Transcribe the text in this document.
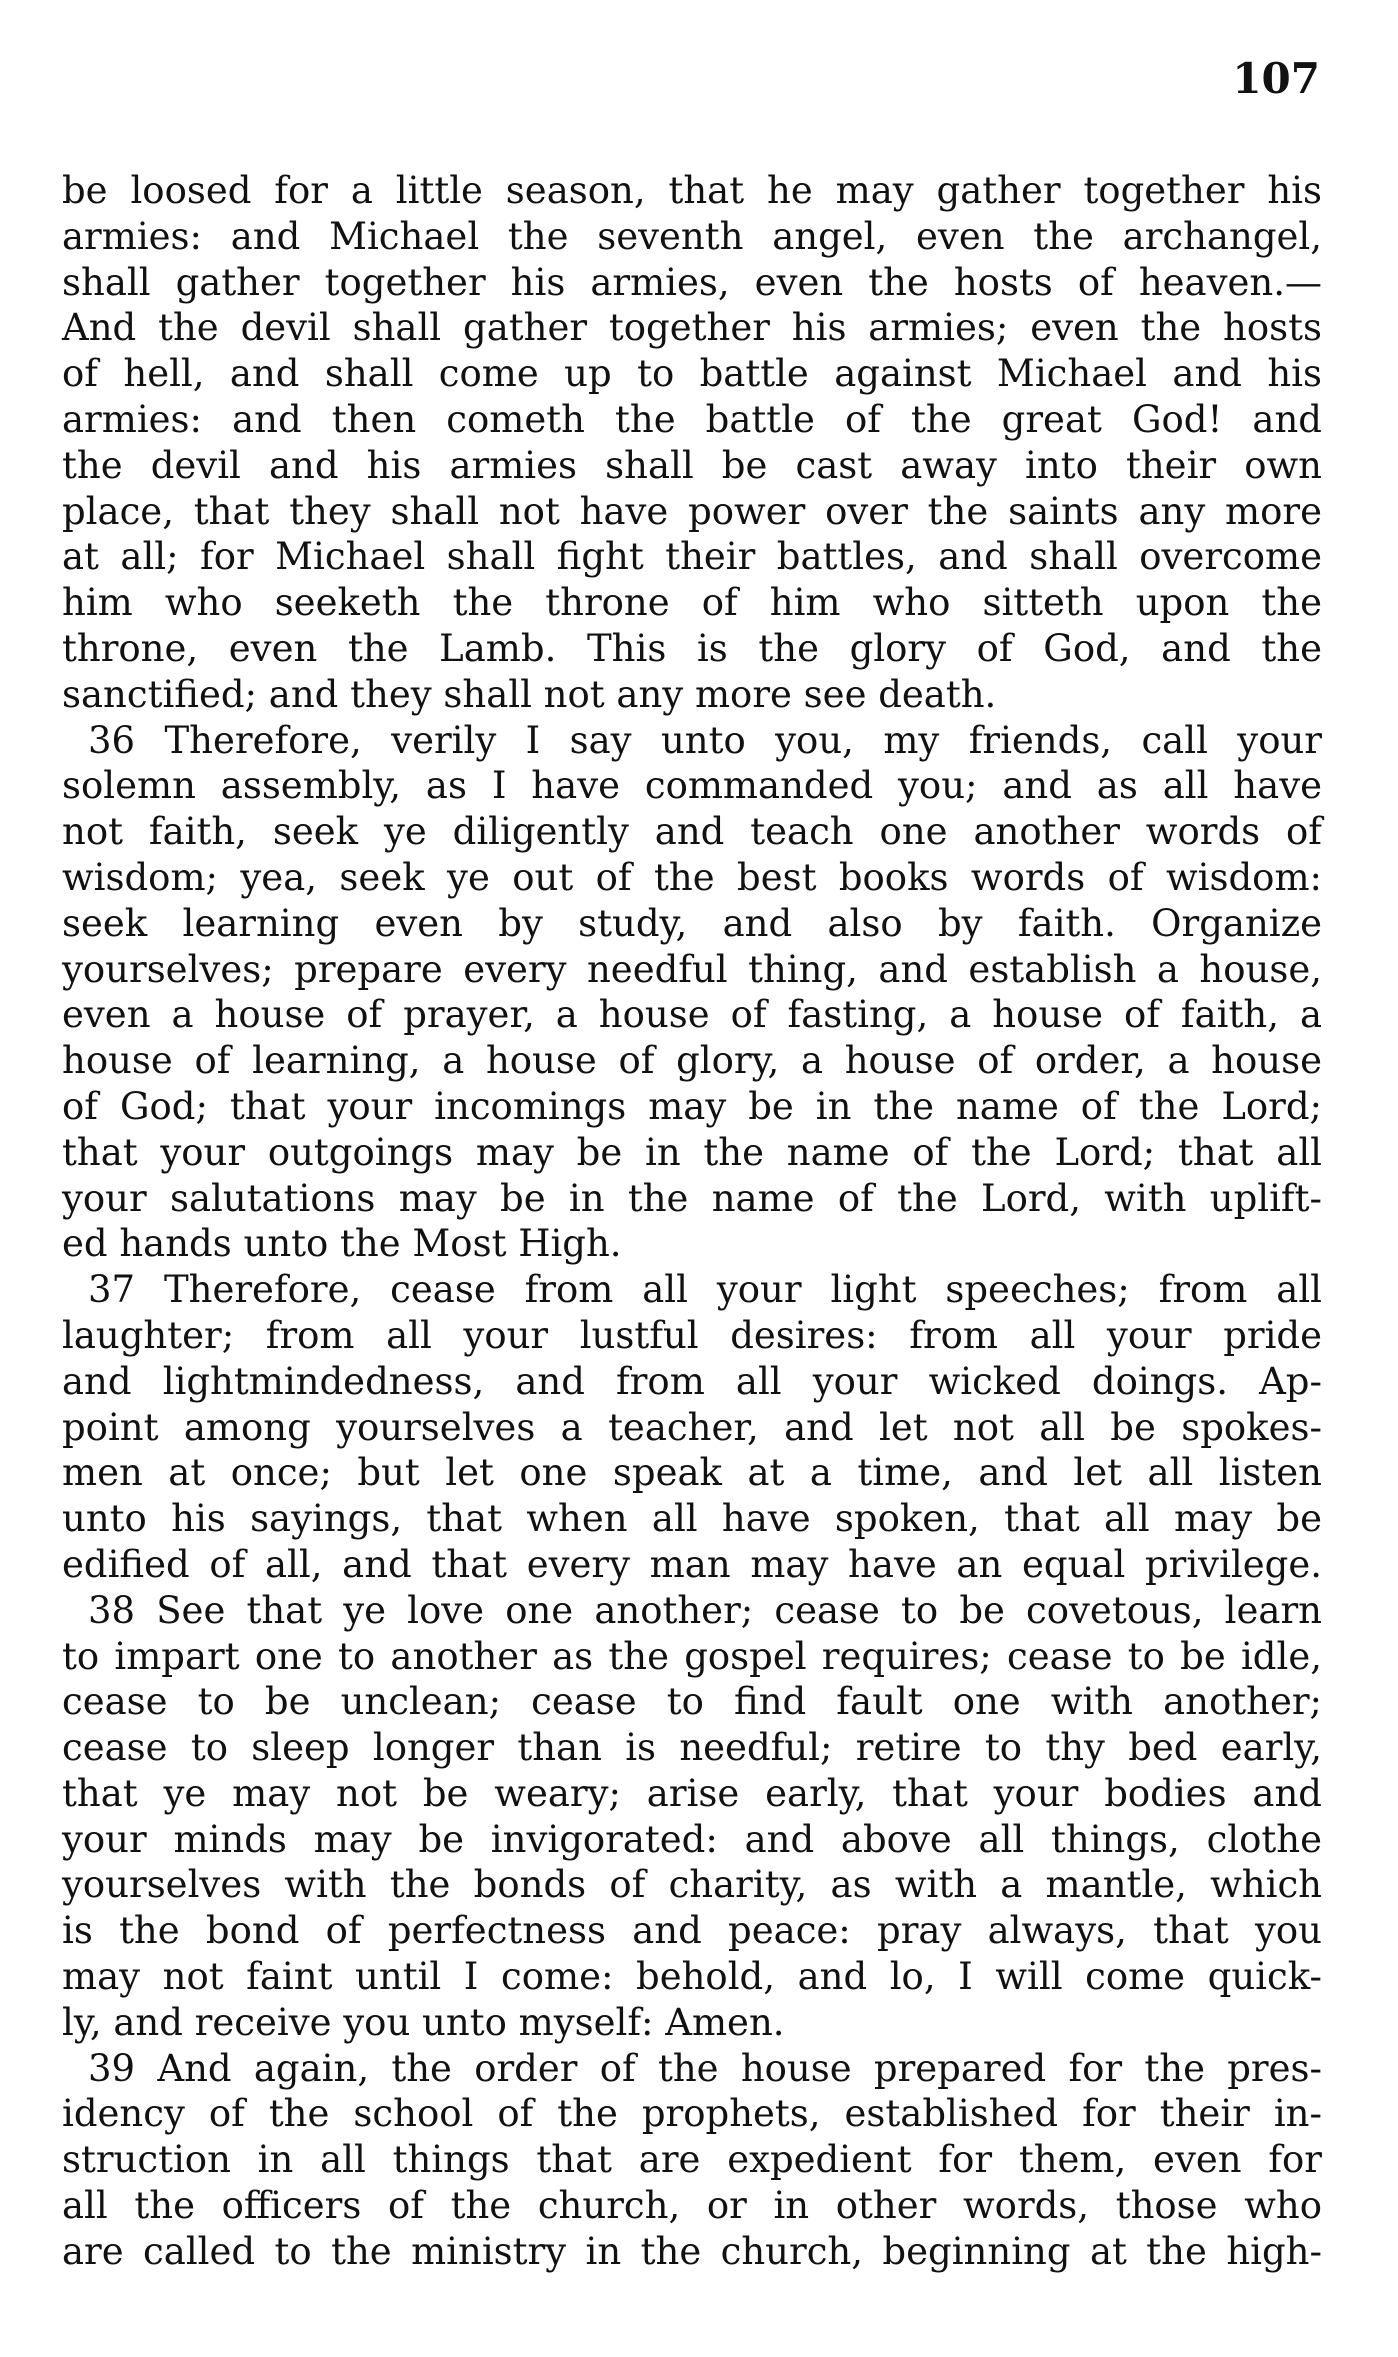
107
be loosed for a little season, that he may gather together his
armies: and Michael the seventh angel, even the archangel,
shall gather together his armies, even the hosts of heaven.—
And the devil shall gather together his armies; even the hosts
of hell, and shall come up to battle against Michael and his
armies: and then cometh the battle of the great God! and
the devil and his armies shall be cast away into their own
place, that they shall not have power over the saints any more
at all; for Michael shall fight their battles, and shall overcome
him who seeketh the throne of him who sitteth upon the
throne, even the Lamb. This is the glory of God, and the
sanctified; and they shall not any more see death.
36 Therefore, verily I say unto you, my friends, call your
solemn assembly, as I have commanded you; and as all have
not faith, seek ye diligently and teach one another words of
wisdom; yea, seek ye out of the best books words of wisdom:
seek learning even by study, and also by faith. Organize
yourselves; prepare every needful thing, and establish a house,
even a house of prayer, a house of fasting, a house of faith, a
house of learning, a house of glory, a house of order, a house
of God; that your incomings may be in the name of the Lord;
that your outgoings may be in the name of the Lord; that all
your salutations may be in the name of the Lord, with uplift-
ed hands unto the Most High.
37 Therefore, cease from all your light speeches; from all
laughter; from all your lustful desires: from all your pride
and lightmindedness, and from all your wicked doings. Ap-
point among yourselves a teacher, and let not all be spokes-
men at once; but let one speak at a time, and let all listen
unto his sayings, that when all have spoken, that all may be
edified of all, and that every man may have an equal privilege.
38 See that ye love one another; cease to be covetous, learn
to impart one to another as the gospel requires; cease to be idle,
cease to be unclean; cease to find fault one with another;
cease to sleep longer than is needful; retire to thy bed early,
that ye may not be weary; arise early, that your bodies and
your minds may be invigorated: and above all things, clothe
yourselves with the bonds of charity, as with a mantle, which
is the bond of perfectness and peace: pray always, that you
may not faint until I come: behold, and lo, I will come quick-
ly, and receive you unto myself: Amen.
39 And again, the order of the house prepared for the pres-
idency of the school of the prophets, established for their in-
struction in all things that are expedient for them, even for
all the officers of the church, or in other words, those who
are called to the ministry in the church, beginning at the high-
